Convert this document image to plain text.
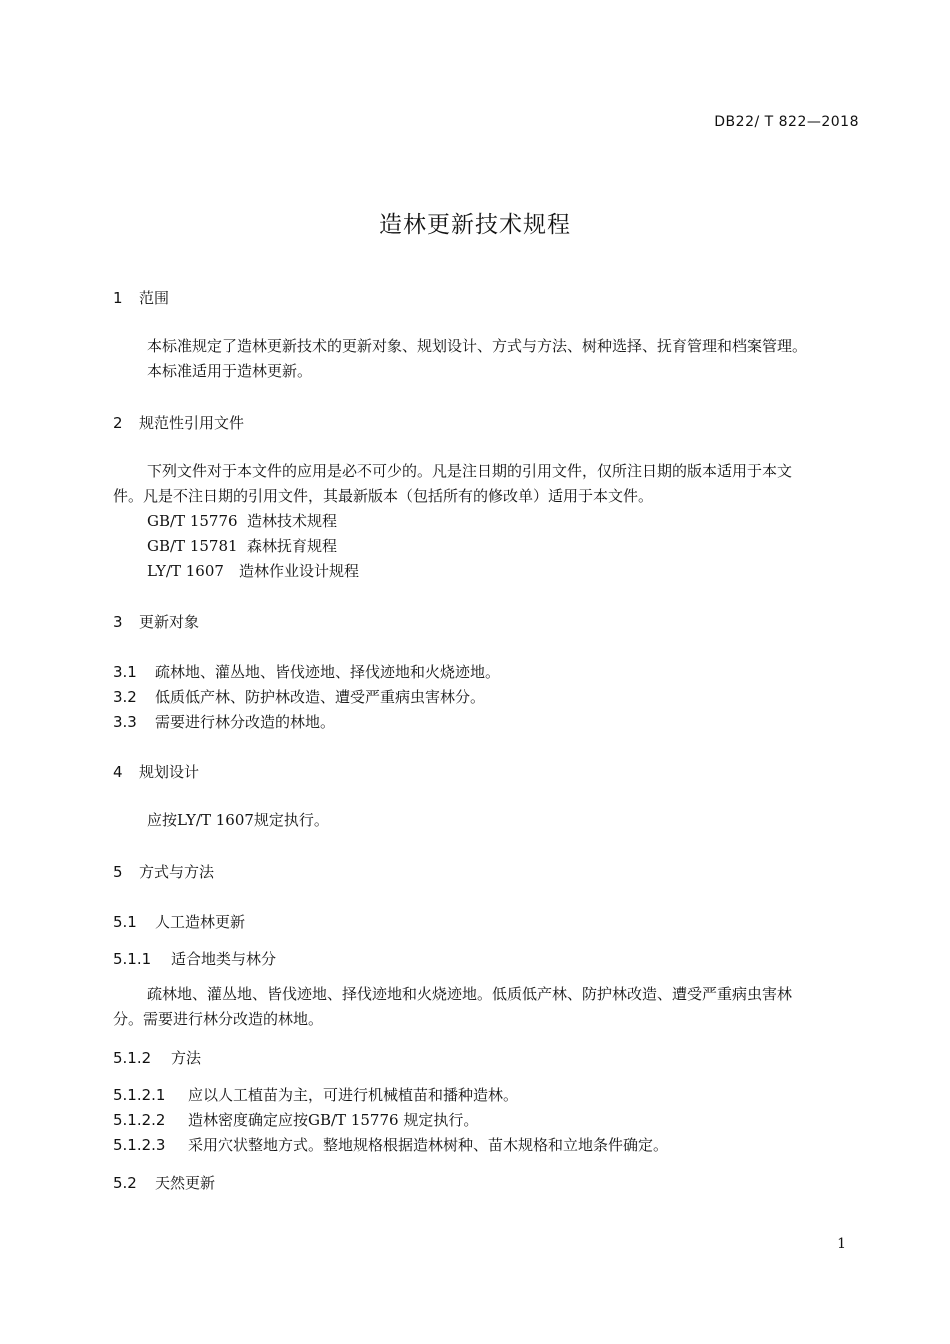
DB22/ T 822—2018
造林更新技术规程
1 范围
本标准规定了造林更新技术的更新对象、规划设计、方式与方法、树种选择、抚育管理和档案管理。
本标准适用于造林更新。
2 规范性引用文件
下列文件对于本文件的应用是必不可少的。凡是注日期的引用文件，仅所注日期的版本适用于本文
件。凡是不注日期的引用文件，其最新版本（包括所有的修改单）适用于本文件。
GB/T 15776 造林技术规程
GB/T 15781 森林抚育规程
LY/T 1607 造林作业设计规程
3 更新对象
3.1 疏林地、灌丛地、皆伐迹地、择伐迹地和火烧迹地。
3.2 低质低产林、防护林改造、遭受严重病虫害林分。
3.3 需要进行林分改造的林地。
4 规划设计
应按LY/T 1607规定执行。
5 方式与方法
5.1 人工造林更新
5.1.1 适合地类与林分
疏林地、灌丛地、皆伐迹地、择伐迹地和火烧迹地。低质低产林、防护林改造、遭受严重病虫害林
分。需要进行林分改造的林地。
5.1.2 方法
5.1.2.1 应以人工植苗为主，可进行机械植苗和播种造林。
5.1.2.2 造林密度确定应按GB/T 15776 规定执行。
5.1.2.3 采用穴状整地方式。整地规格根据造林树种、苗木规格和立地条件确定。
5.2 天然更新
1
